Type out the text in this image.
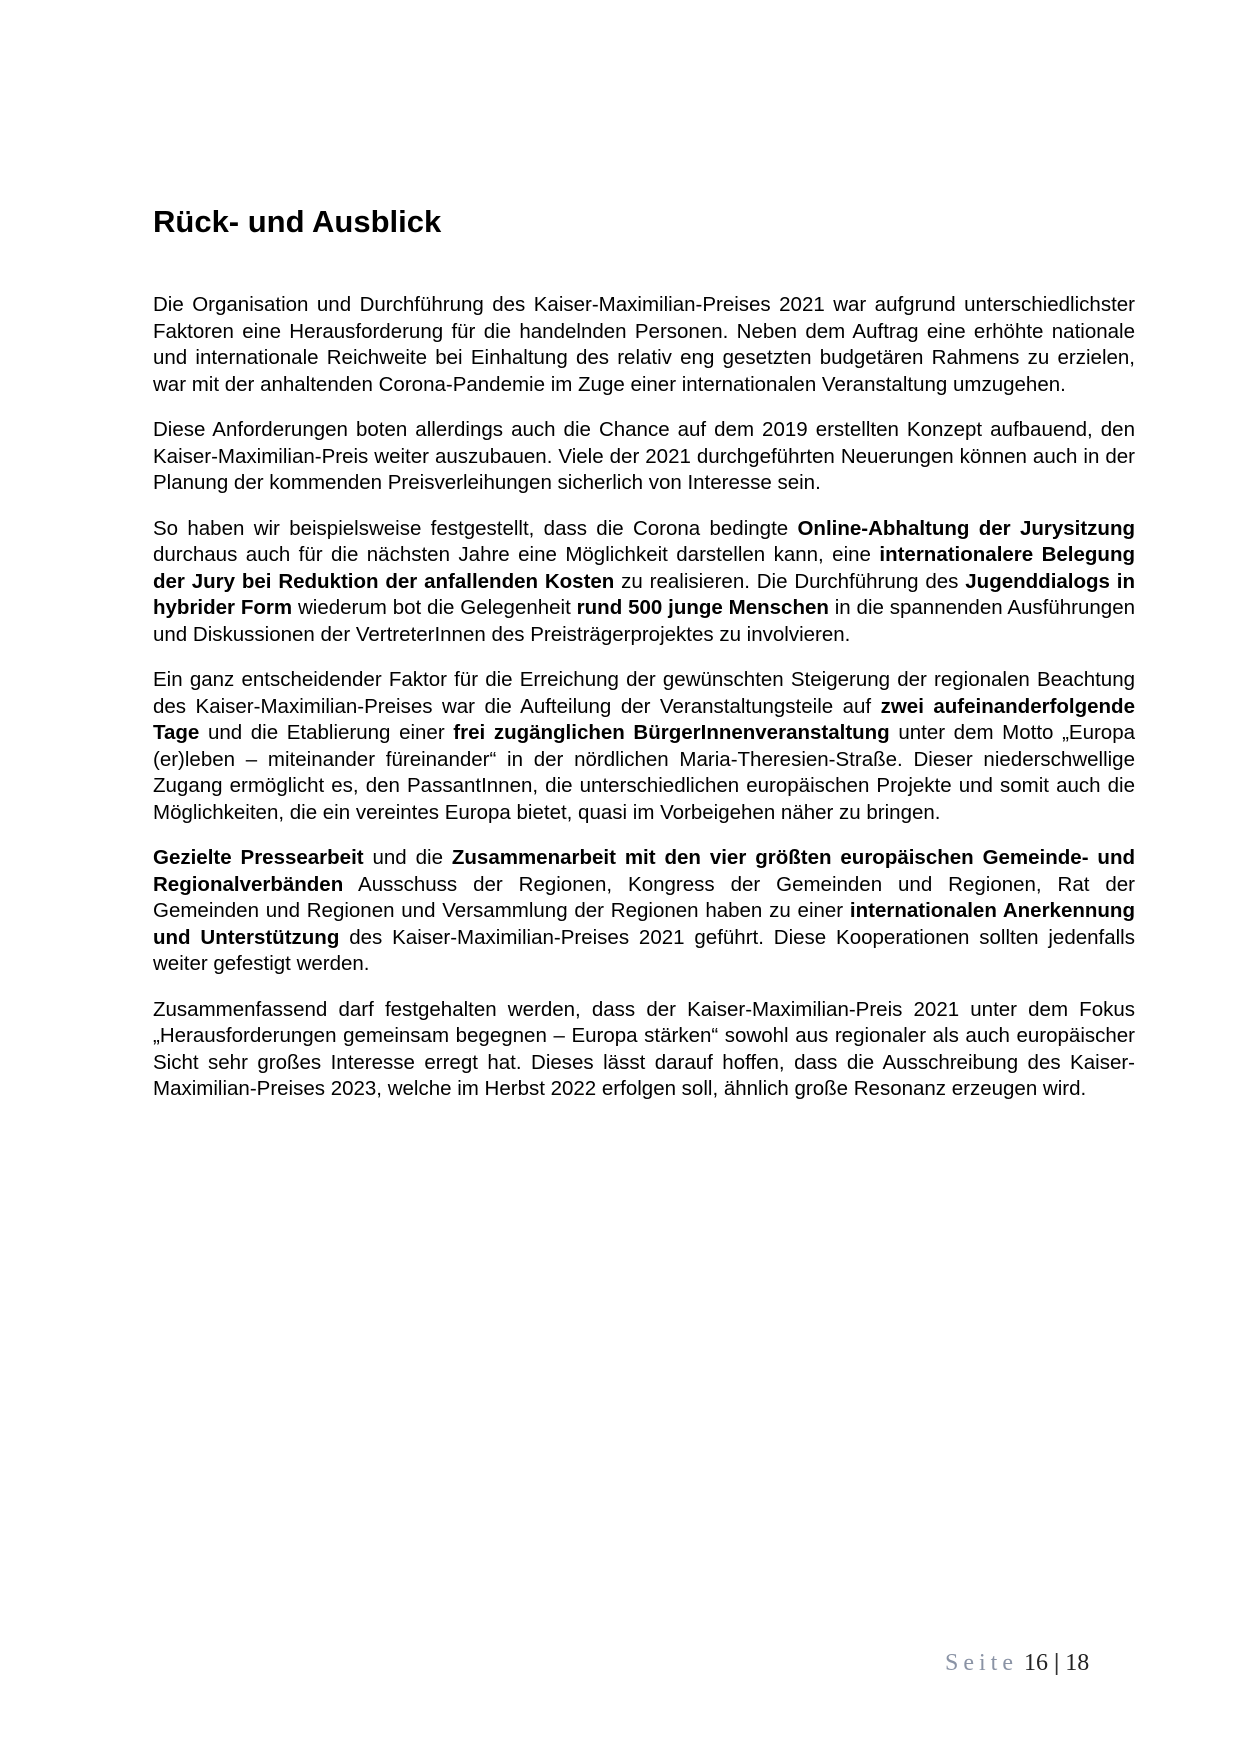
Rück- und Ausblick

Die Organisation und Durchführung des Kaiser-Maximilian-Preises 2021 war aufgrund unterschiedlichster Faktoren eine Herausforderung für die handelnden Personen. Neben dem Auftrag eine erhöhte nationale und internationale Reichweite bei Einhaltung des relativ eng gesetzten budgetären Rahmens zu erzielen, war mit der anhaltenden Corona-Pandemie im Zuge einer internationalen Veranstaltung umzugehen.

Diese Anforderungen boten allerdings auch die Chance auf dem 2019 erstellten Konzept aufbauend, den Kaiser-Maximilian-Preis weiter auszubauen. Viele der 2021 durchgeführten Neuerungen können auch in der Planung der kommenden Preisverleihungen sicherlich von Interesse sein.

So haben wir beispielsweise festgestellt, dass die Corona bedingte Online-Abhaltung der Jurysitzung durchaus auch für die nächsten Jahre eine Möglichkeit darstellen kann, eine internationalere Belegung der Jury bei Reduktion der anfallenden Kosten zu realisieren. Die Durchführung des Jugenddialogs in hybrider Form wiederum bot die Gelegenheit rund 500 junge Menschen in die spannenden Ausführungen und Diskussionen der VertreterInnen des Preisträgerprojektes zu involvieren.

Ein ganz entscheidender Faktor für die Erreichung der gewünschten Steigerung der regionalen Beachtung des Kaiser-Maximilian-Preises war die Aufteilung der Veranstaltungsteile auf zwei aufeinanderfolgende Tage und die Etablierung einer frei zugänglichen BürgerInnenveranstaltung unter dem Motto „Europa (er)leben – miteinander füreinander“ in der nördlichen Maria-Theresien-Straße. Dieser niederschwellige Zugang ermöglicht es, den PassantInnen, die unterschiedlichen europäischen Projekte und somit auch die Möglichkeiten, die ein vereintes Europa bietet, quasi im Vorbeigehen näher zu bringen.

Gezielte Pressearbeit und die Zusammenarbeit mit den vier größten europäischen Gemeinde- und Regionalverbänden Ausschuss der Regionen, Kongress der Gemeinden und Regionen, Rat der Gemeinden und Regionen und Versammlung der Regionen haben zu einer internationalen Anerkennung und Unterstützung des Kaiser-Maximilian-Preises 2021 geführt. Diese Kooperationen sollten jedenfalls weiter gefestigt werden.

Zusammenfassend darf festgehalten werden, dass der Kaiser-Maximilian-Preis 2021 unter dem Fokus „Herausforderungen gemeinsam begegnen – Europa stärken“ sowohl aus regionaler als auch europäischer Sicht sehr großes Interesse erregt hat. Dieses lässt darauf hoffen, dass die Ausschreibung des Kaiser-Maximilian-Preises 2023, welche im Herbst 2022 erfolgen soll, ähnlich große Resonanz erzeugen wird.

Seite 16 | 18
